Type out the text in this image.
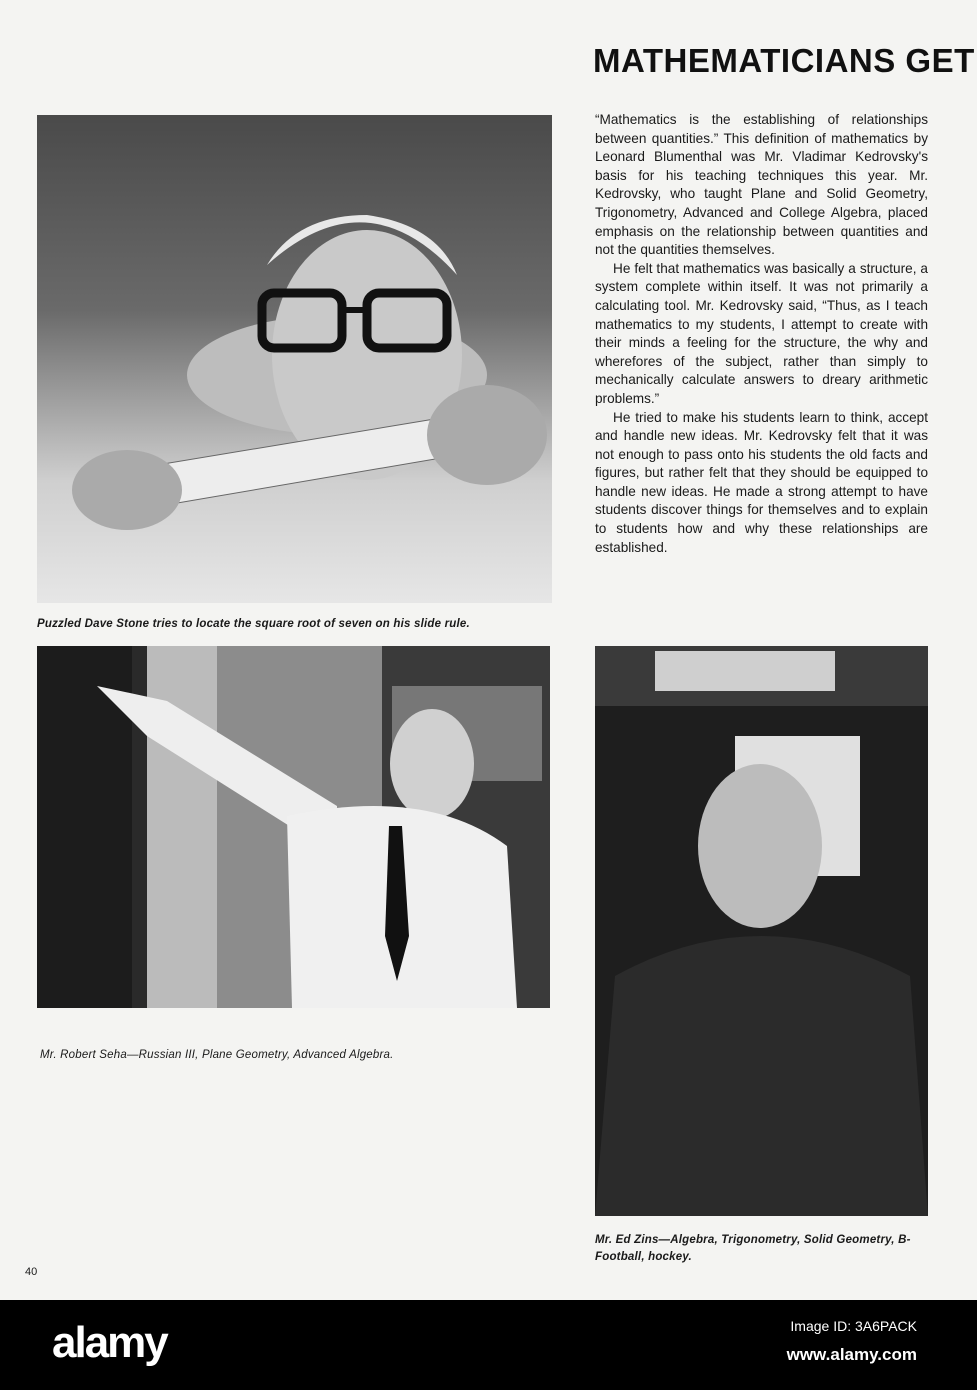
MATHEMATICIANS GET

“Mathematics is the establishing of relationships between quantities.” This definition of mathematics by Leonard Blumenthal was Mr. Vladimar Kedrovsky's basis for his teaching techniques this year. Mr. Kedrovsky, who taught Plane and Solid Geometry, Trigonometry, Advanced and College Algebra, placed emphasis on the relationship between quantities and not the quantities themselves.

He felt that mathematics was basically a structure, a system complete within itself. It was not primarily a calculating tool. Mr. Kedrovsky said, “Thus, as I teach mathematics to my students, I attempt to create with their minds a feeling for the structure, the why and wherefores of the subject, rather than simply to mechanically calculate answers to dreary arithmetic problems.”

He tried to make his students learn to think, accept and handle new ideas. Mr. Kedrovsky felt that it was not enough to pass onto his students the old facts and figures, but rather felt that they should be equipped to handle new ideas. He made a strong attempt to have students discover things for themselves and to explain to students how and why these relationships are established.

Puzzled Dave Stone tries to locate the square root of seven on his slide rule.
Mr. Robert Seha—Russian III, Plane Geometry, Advanced Algebra.
Mr. Ed Zins—Algebra, Trigonometry, Solid Geometry, B-Football, hockey.
40
alamy	Image ID: 3A6PACK
www.alamy.com
